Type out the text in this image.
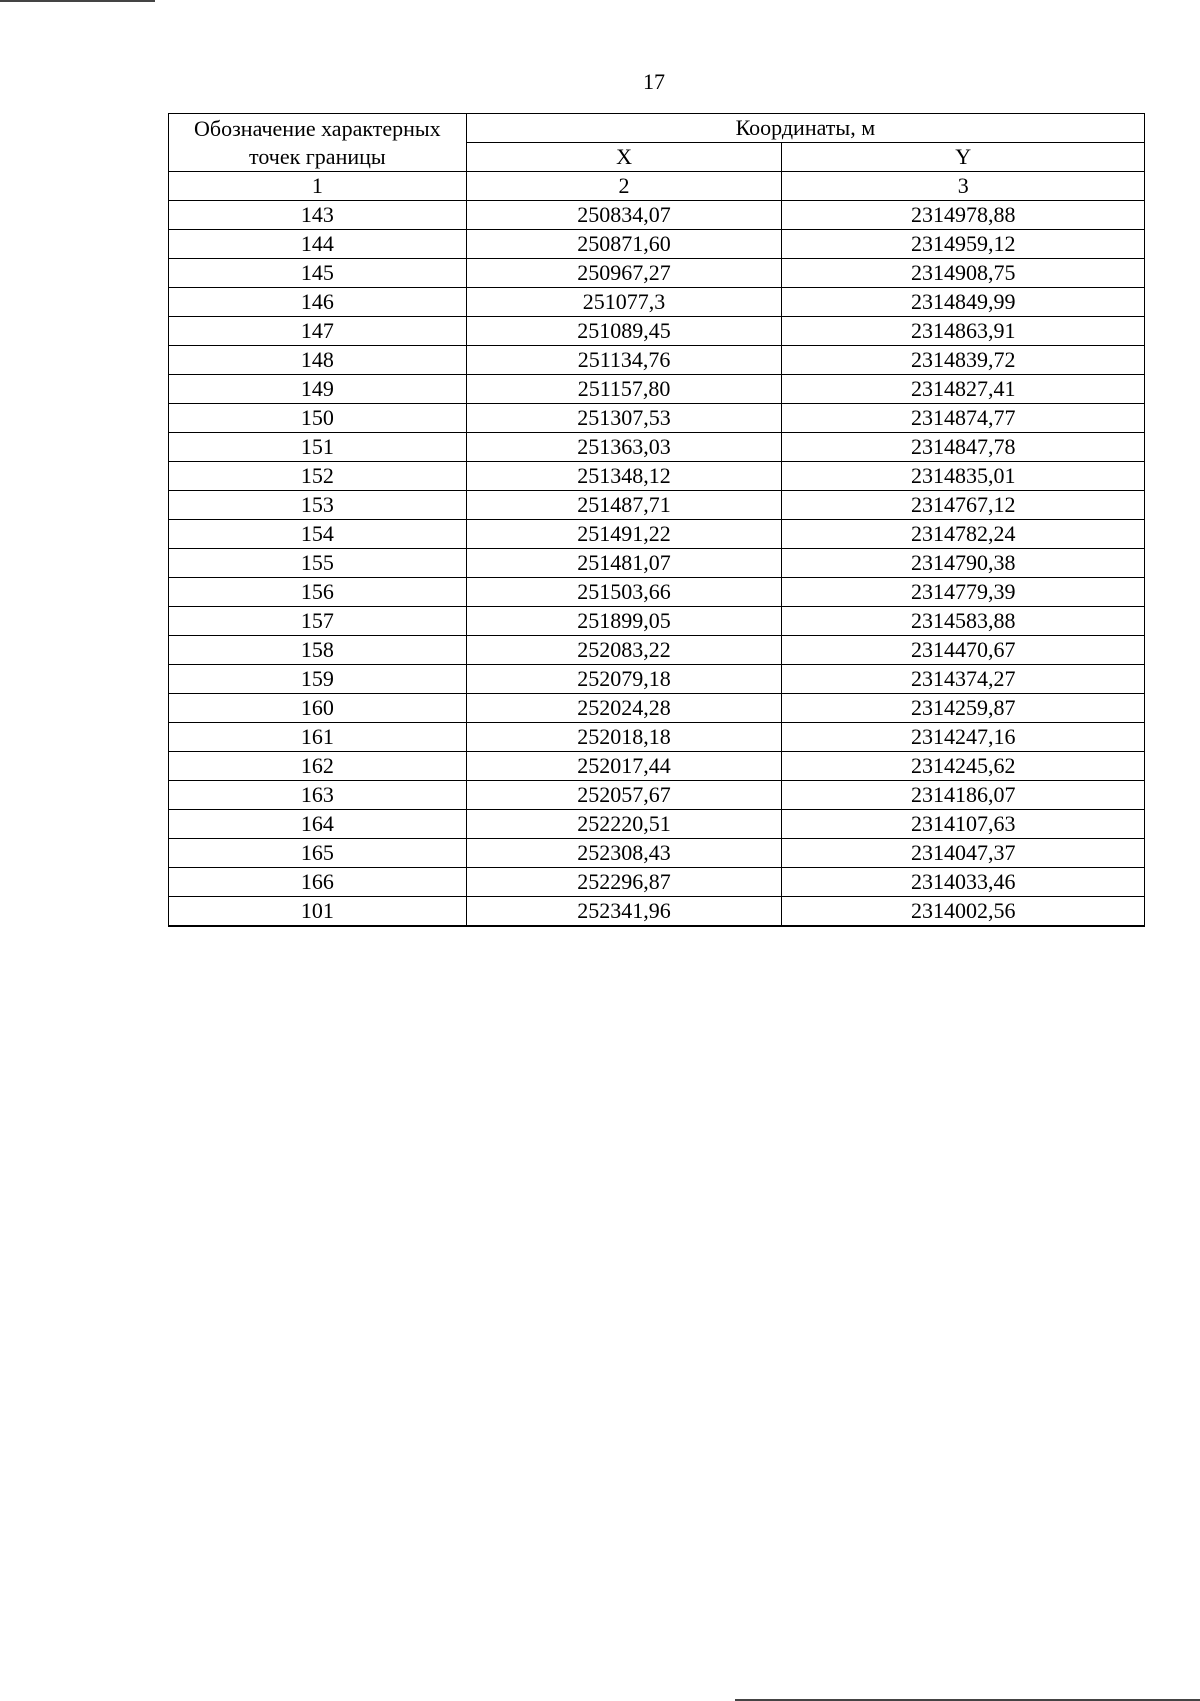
17
Обозначение характерных точек границы	Координаты, м	
	X	Y
1	2	3
143	250834,07	2314978,88
144	250871,60	2314959,12
145	250967,27	2314908,75
146	251077,3	2314849,99
147	251089,45	2314863,91
148	251134,76	2314839,72
149	251157,80	2314827,41
150	251307,53	2314874,77
151	251363,03	2314847,78
152	251348,12	2314835,01
153	251487,71	2314767,12
154	251491,22	2314782,24
155	251481,07	2314790,38
156	251503,66	2314779,39
157	251899,05	2314583,88
158	252083,22	2314470,67
159	252079,18	2314374,27
160	252024,28	2314259,87
161	252018,18	2314247,16
162	252017,44	2314245,62
163	252057,67	2314186,07
164	252220,51	2314107,63
165	252308,43	2314047,37
166	252296,87	2314033,46
101	252341,96	2314002,56
